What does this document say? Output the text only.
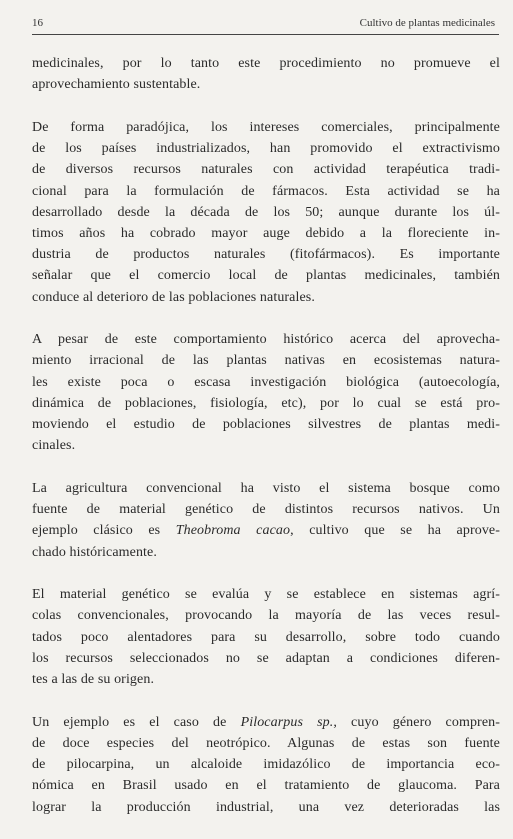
16	Cultivo de plantas medicinales

medicinales, por lo tanto este procedimiento no promueve el
aprovechamiento sustentable.

De forma paradójica, los intereses comerciales, principalmente
de los países industrializados, han promovido el extractivismo
de diversos recursos naturales con actividad terapéutica tradi-
cional para la formulación de fármacos. Esta actividad se ha
desarrollado desde la década de los 50; aunque durante los úl-
timos años ha cobrado mayor auge debido a la floreciente in-
dustria de productos naturales (fitofármacos). Es importante
señalar que el comercio local de plantas medicinales, también
conduce al deterioro de las poblaciones naturales.

A pesar de este comportamiento histórico acerca del aprovecha-
miento irracional de las plantas nativas en ecosistemas natura-
les existe poca o escasa investigación biológica (autoecología,
dinámica de poblaciones, fisiología, etc), por lo cual se está pro-
moviendo el estudio de poblaciones silvestres de plantas medi-
cinales.

La agricultura convencional ha visto el sistema bosque como
fuente de material genético de distintos recursos nativos. Un
ejemplo clásico es Theobroma cacao, cultivo que se ha aprove-
chado históricamente.

El material genético se evalúa y se establece en sistemas agrí-
colas convencionales, provocando la mayoría de las veces resul-
tados poco alentadores para su desarrollo, sobre todo cuando
los recursos seleccionados no se adaptan a condiciones diferen-
tes a las de su origen.

Un ejemplo es el caso de Pilocarpus sp., cuyo género compren-
de doce especies del neotrópico. Algunas de estas son fuente
de pilocarpina, un alcaloide imidazólico de importancia eco-
nómica en Brasil usado en el tratamiento de glaucoma. Para
lograr la producción industrial, una vez deterioradas las
